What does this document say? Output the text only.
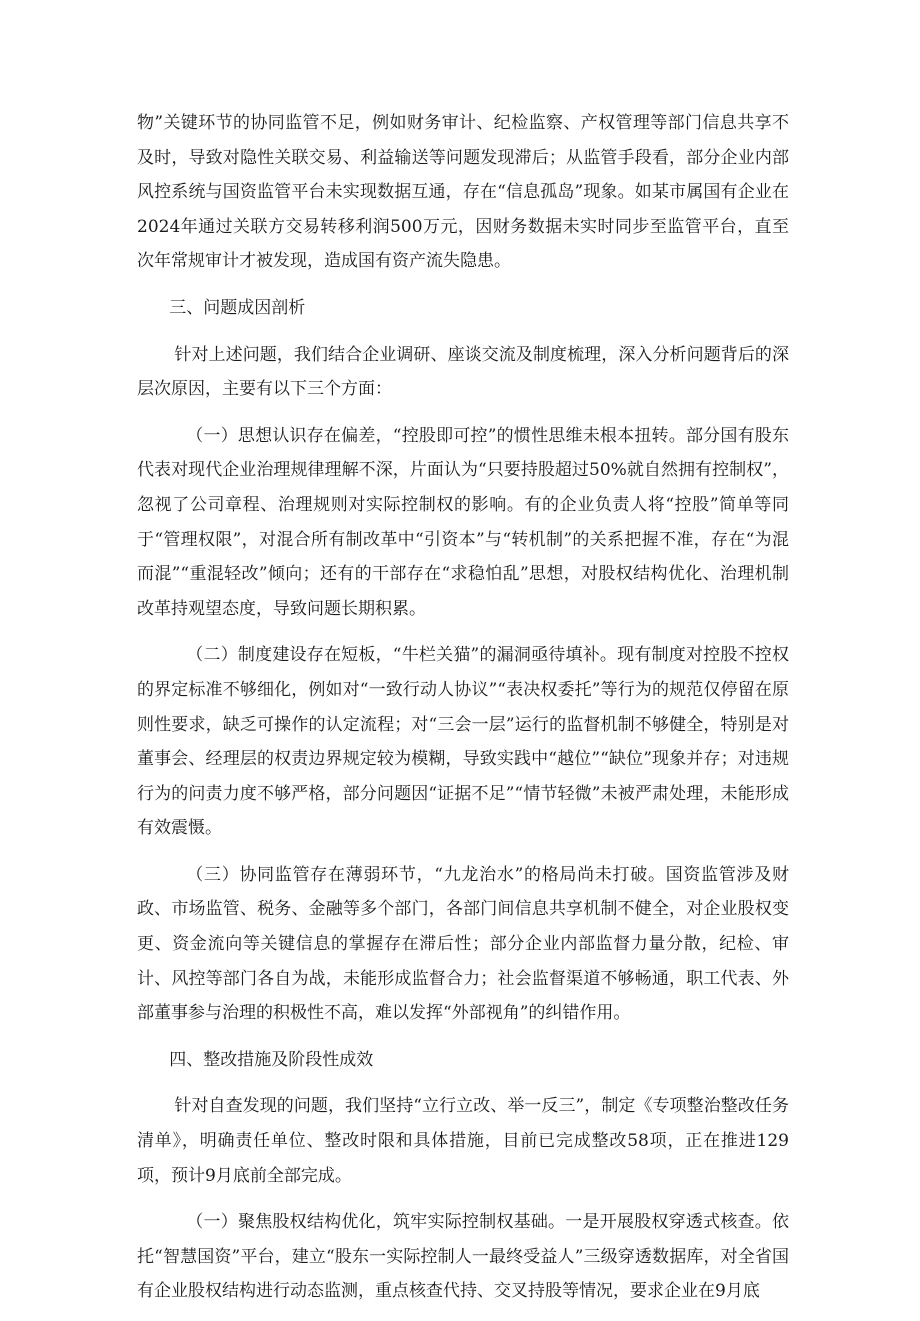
物”关键环节的协同监管不足，例如财务审计、纪检监察、产权管理等部门信息共享不及时，导致对隐性关联交易、利益输送等问题发现滞后；从监管手段看，部分企业内部风控系统与国资监管平台未实现数据互通，存在“信息孤岛”现象。如某市属国有企业在2024年通过关联方交易转移利润500万元，因财务数据未实时同步至监管平台，直至次年常规审计才被发现，造成国有资产流失隐患。

三、问题成因剖析

针对上述问题，我们结合企业调研、座谈交流及制度梳理，深入分析问题背后的深层次原因，主要有以下三个方面：

（一）思想认识存在偏差，“控股即可控”的惯性思维未根本扭转。部分国有股东代表对现代企业治理规律理解不深，片面认为“只要持股超过50%就自然拥有控制权”，忽视了公司章程、治理规则对实际控制权的影响。有的企业负责人将“控股”简单等同于“管理权限”，对混合所有制改革中“引资本”与“转机制”的关系把握不准，存在“为混而混”“重混轻改”倾向；还有的干部存在“求稳怕乱”思想，对股权结构优化、治理机制改革持观望态度，导致问题长期积累。

（二）制度建设存在短板，“牛栏关猫”的漏洞亟待填补。现有制度对控股不控权的界定标准不够细化，例如对“一致行动人协议”“表决权委托”等行为的规范仅停留在原则性要求，缺乏可操作的认定流程；对“三会一层”运行的监督机制不够健全，特别是对董事会、经理层的权责边界规定较为模糊，导致实践中“越位”“缺位”现象并存；对违规行为的问责力度不够严格，部分问题因“证据不足”“情节轻微”未被严肃处理，未能形成有效震慑。

（三）协同监管存在薄弱环节，“九龙治水”的格局尚未打破。国资监管涉及财政、市场监管、税务、金融等多个部门，各部门间信息共享机制不健全，对企业股权变更、资金流向等关键信息的掌握存在滞后性；部分企业内部监督力量分散，纪检、审计、风控等部门各自为战，未能形成监督合力；社会监督渠道不够畅通，职工代表、外部董事参与治理的积极性不高，难以发挥“外部视角”的纠错作用。

四、整改措施及阶段性成效

针对自查发现的问题，我们坚持“立行立改、举一反三”，制定《专项整治整改任务清单》，明确责任单位、整改时限和具体措施，目前已完成整改58项，正在推进129项，预计9月底前全部完成。

（一）聚焦股权结构优化，筑牢实际控制权基础。一是开展股权穿透式核查。依托“智慧国资”平台，建立“股东一实际控制人一最终受益人”三级穿透数据库，对全省国有企业股权结构进行动态监测，重点核查代持、交叉持股等情况，要求企业在9月底
